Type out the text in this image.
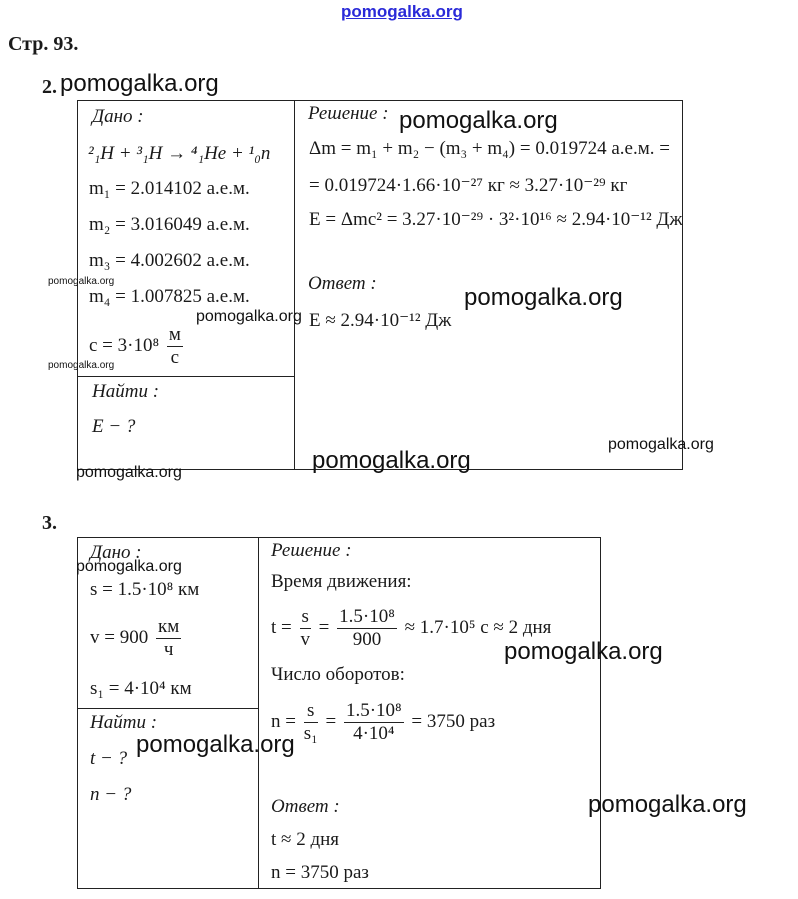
pomogalka.org
Стр. 93.
2. pomogalka.org
Дано :
²₁H + ³₁H → ⁴₁He + ¹₀n
m₁ = 2.014102 а.е.м.
m₂ = 3.016049 а.е.м.
m₃ = 4.002602 а.е.м.
m₄ = 1.007825 а.е.м.
$c = 3\cdot 10^8 \frac{м}{с}$
Найти :
E − ?
Решение :
Δm = m₁ + m₂ − (m₃ + m₄) = 0.019724 а.е.м. =
= 0.019724·1.66·10⁻²⁷ кг ≈ 3.27·10⁻²⁹ кг
E = Δmc² = 3.27·10⁻²⁹ · 3²·10¹⁶ ≈ 2.94·10⁻¹² Дж
Ответ :
E ≈ 2.94·10⁻¹² Дж
pomogalka.org
pomogalka.org
pomogalka.org
pomogalka.org
pomogalka.org
pomogalka.org
pomogalka.org
pomogalka.org
3.
Дано :
s = 1.5·10⁸ км
$v = 900 \frac{км}{ч}$
s₁ = 4·10⁴ км
Найти :
t − ?
n − ?
Решение :
Время движения:
$t = \frac{s}{v} = \frac{\text{1.5·10⁸}}{900} \approx 1.7\cdot 10^5$ с ≈ 2 дня
Число оборотов:
$n = \frac{s}{\text{s₁}} = \frac{\text{1.5·10⁸}}{\text{4·10⁴}} = 3750$ раз
Ответ :
t ≈ 2 дня
n = 3750 раз
pomogalka.org
pomogalka.org
pomogalka.org
pomogalka.org
